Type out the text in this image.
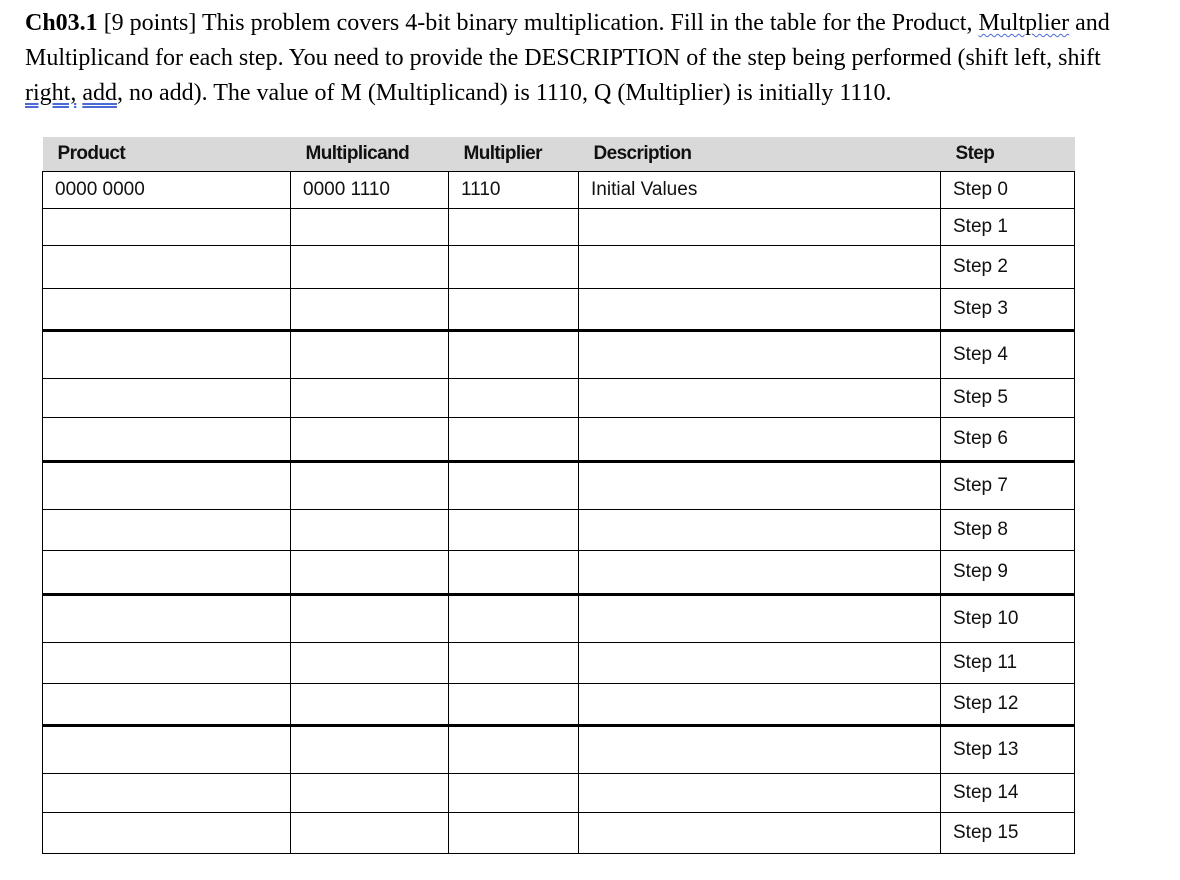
Ch03.1 [9 points] This problem covers 4-bit binary multiplication. Fill in the table for the Product, Multplier and Multiplicand for each step. You need to provide the DESCRIPTION of the step being performed (shift left, shift right, add, no add). The value of M (Multiplicand) is 1110, Q (Multiplier) is initially 1110.
Product	Multiplicand	Multiplier	Description	Step
0000 0000	0000 1110	1110	Initial Values	Step 0
				Step 1
				Step 2
				Step 3
				Step 4
				Step 5
				Step 6
				Step 7
				Step 8
				Step 9
				Step 10
				Step 11
				Step 12
				Step 13
				Step 14
				Step 15
